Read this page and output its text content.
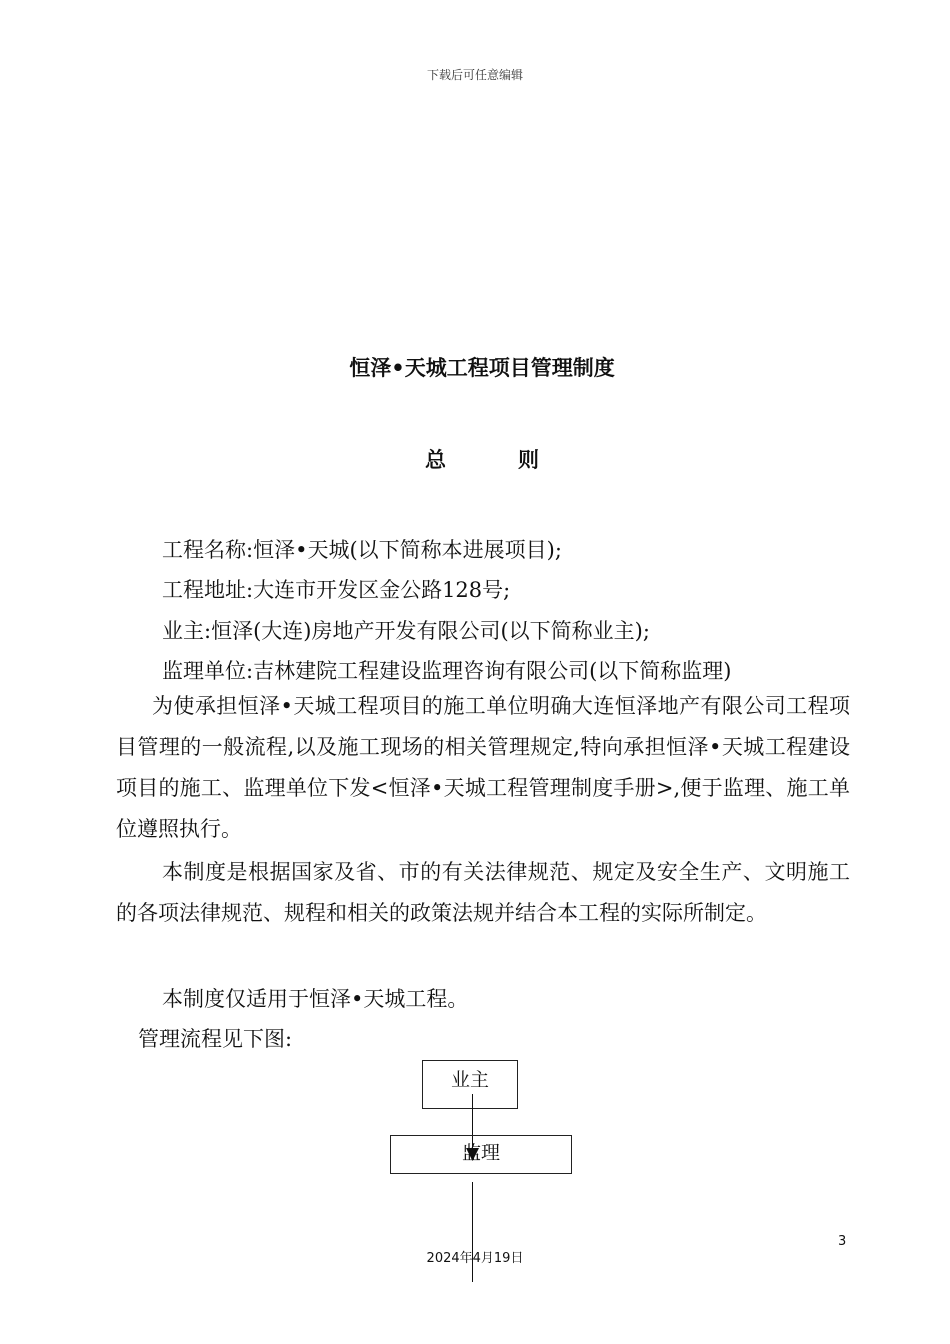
下载后可任意编辑
恒泽•天城工程项目管理制度
总	则
工程名称:恒泽•天城(以下简称本进展项目);
工程地址:大连市开发区金公路128号;
业主:恒泽(大连)房地产开发有限公司(以下简称业主);
监理单位:吉林建院工程建设监理咨询有限公司(以下简称监理)
为使承担恒泽•天城工程项目的施工单位明确大连恒泽地产有限公司工程项目管理的一般流程,以及施工现场的相关管理规定,特向承担恒泽•天城工程建设项目的施工、监理单位下发<恒泽•天城工程管理制度手册>,便于监理、施工单位遵照执行。
本制度是根据国家及省、市的有关法律规范、规定及安全生产、文明施工的各项法律规范、规程和相关的政策法规并结合本工程的实际所制定。
本制度仅适用于恒泽•天城工程。
管理流程见下图:
业主
监理
3
2024年4月19日
